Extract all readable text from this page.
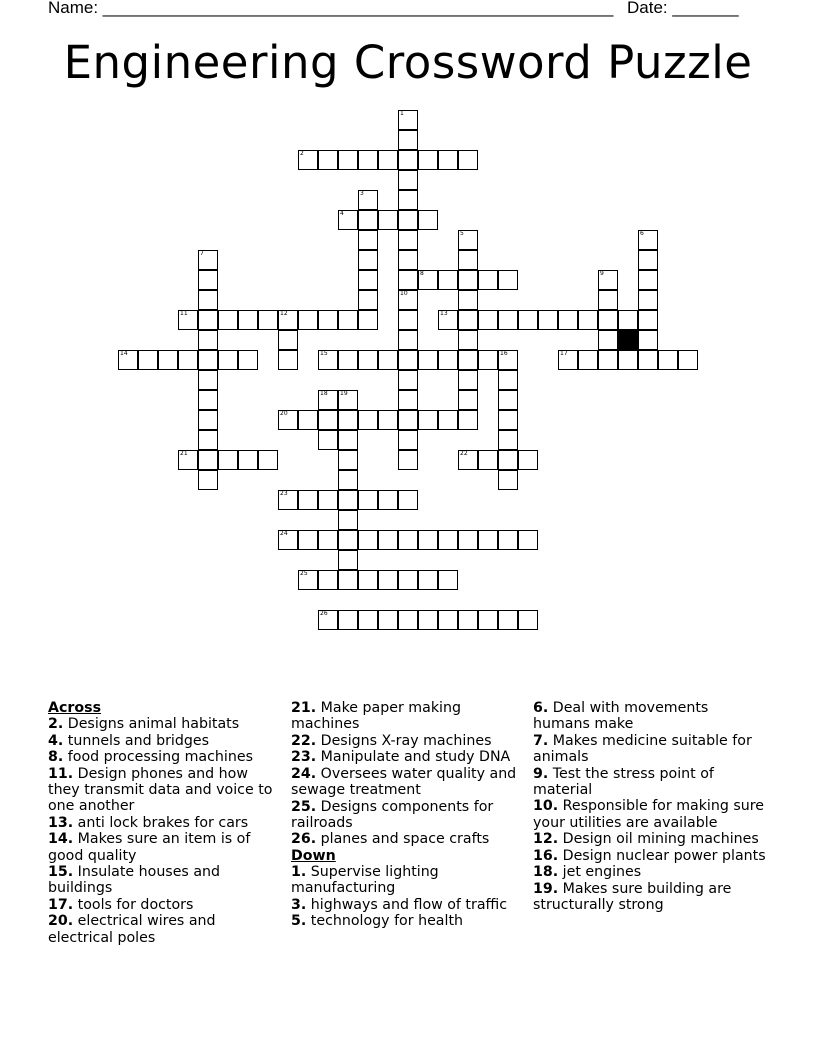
Name: ______________________________________________________ Date: _______
Engineering Crossword Puzzle
1
2
3
4
5	6
7
8	9
10
11	12	13
14	15	16	17
18 19
20
21	22
23
24
25
26
Across
2. Designs animal habitats
4. tunnels and bridges
8. food processing machines
11. Design phones and how they transmit data and voice to one another
13. anti lock brakes for cars
14. Makes sure an item is of good quality
15. Insulate houses and buildings
17. tools for doctors
20. electrical wires and electrical poles
21. Make paper making machines
22. Designs X-ray machines
23. Manipulate and study DNA
24. Oversees water quality and sewage treatment
25. Designs components for railroads
26. planes and space crafts
Down
1. Supervise lighting manufacturing
3. highways and flow of traffic
5. technology for health
6. Deal with movements humans make
7. Makes medicine suitable for animals
9. Test the stress point of material
10. Responsible for making sure your utilities are available
12. Design oil mining machines
16. Design nuclear power plants
18. jet engines
19. Makes sure building are structurally strong
